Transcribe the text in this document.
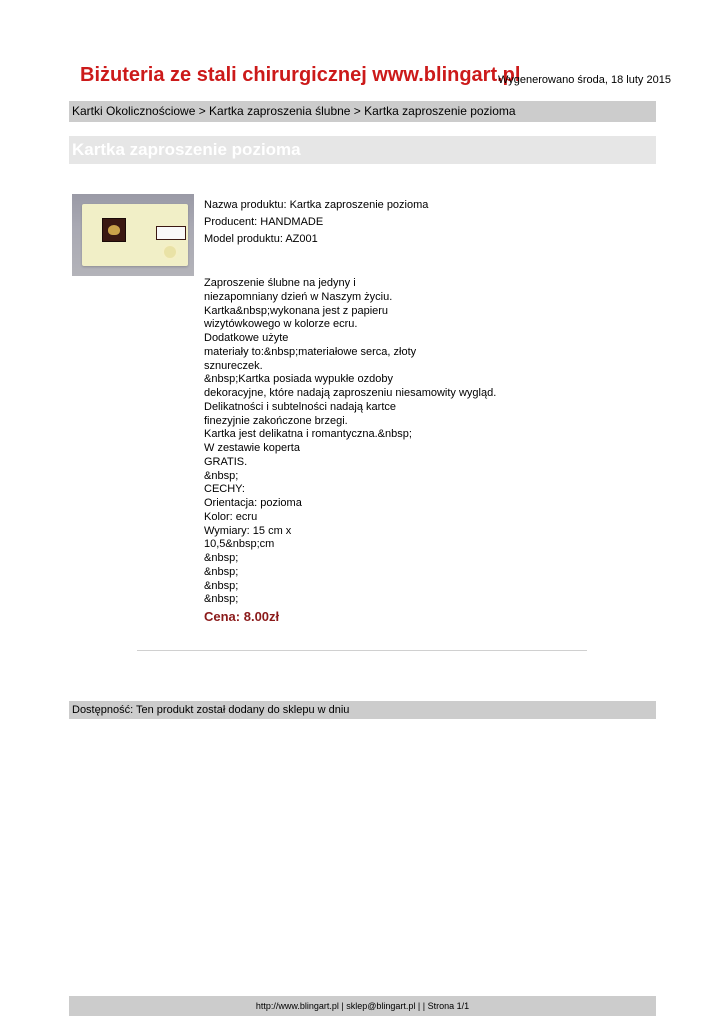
Biżuteria ze stali chirurgicznej www.blingart.pl
Wygenerowano środa, 18 luty 2015
Kartki Okolicznościowe > Kartka zaproszenia ślubne > Kartka zaproszenie pozioma
Kartka zaproszenie pozioma
Nazwa produktu: Kartka zaproszenie pozioma
Producent: HANDMADE
Model produktu: AZ001
Zaproszenie ślubne na jedyny i
niezapomniany dzień w Naszym życiu.
Kartka&nbsp;wykonana jest z papieru
wizytówkowego w kolorze ecru.
Dodatkowe użyte
materiały to:&nbsp;materiałowe serca, złoty
sznureczek.
&nbsp;Kartka posiada wypukłe ozdoby
dekoracyjne, które nadają zaproszeniu niesamowity wygląd.
Delikatności i subtelności nadają kartce
finezyjnie zakończone brzegi.
Kartka jest delikatna i romantyczna.&nbsp;
W zestawie koperta
GRATIS.
&nbsp;
CECHY:
Orientacja: pozioma
Kolor: ecru
Wymiary: 15 cm x
10,5&nbsp;cm
&nbsp;
&nbsp;
&nbsp;
&nbsp;
Cena: 8.00zł
Dostępność: Ten produkt został dodany do sklepu w dniu
http://www.blingart.pl | sklep@blingart.pl | | Strona 1/1
